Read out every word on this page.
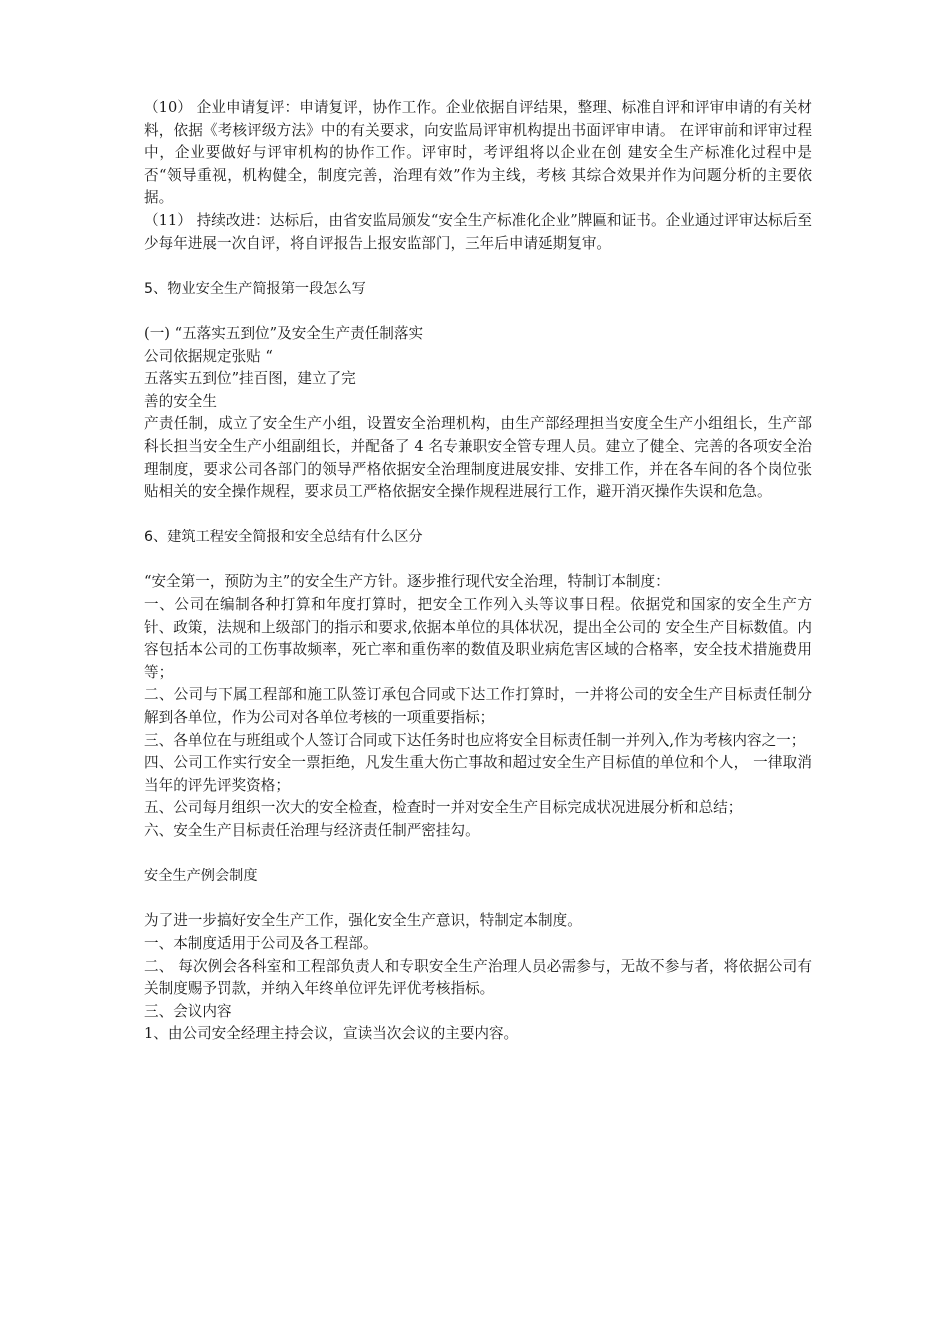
（10） 企业申请复评：申请复评，协作工作。企业依据自评结果，整理、标准自评和评审申请的有关材料，依据《考核评级方法》中的有关要求，向安监局评审机构提出书面评审申请。 在评审前和评审过程中，企业要做好与评审机构的协作工作。评审时，考评组将以企业在创 建安全生产标准化过程中是否“领导重视，机构健全，制度完善，治理有效”作为主线，考核 其综合效果并作为问题分析的主要依据。

（11） 持续改进：达标后，由省安监局颁发“安全生产标准化企业”牌匾和证书。企业通过评审达标后至少每年进展一次自评，将自评报告上报安监部门，三年后申请延期复审。

5、物业安全生产简报第一段怎么写

(一) “五落实五到位”及安全生产责任制落实

公司依据规定张贴 “

五落实五到位”挂百图，建立了完

善的安全生

产责任制，成立了安全生产小组，设置安全治理机构，由生产部经理担当安度全生产小组组长，生产部科长担当安全生产小组副组长，并配备了 4 名专兼职安全管专理人员。建立了健全、完善的各项安全治理制度，要求公司各部门的领导严格依据安全治理制度进展安排、安排工作，并在各车间的各个岗位张贴相关的安全操作规程，要求员工严格依据安全操作规程进展行工作，避开消灭操作失误和危急。

6、建筑工程安全简报和安全总结有什么区分

“安全第一，预防为主”的安全生产方针。逐步推行现代安全治理，特制订本制度：

一、公司在编制各种打算和年度打算时，把安全工作列入头等议事日程。依据党和国家的安全生产方针、政策，法规和上级部门的指示和要求,依据本单位的具体状况，提出全公司的 安全生产目标数值。内容包括本公司的工伤事故频率，死亡率和重伤率的数值及职业病危害区域的合格率，安全技术措施费用等；

二、公司与下属工程部和施工队签订承包合同或下达工作打算时，一并将公司的安全生产目标责任制分解到各单位，作为公司对各单位考核的一项重要指标；

三、各单位在与班组或个人签订合同或下达任务时也应将安全目标责任制一并列入,作为考核内容之一；

四、公司工作实行安全一票拒绝，凡发生重大伤亡事故和超过安全生产目标值的单位和个人， 一律取消当年的评先评奖资格；

五、公司每月组织一次大的安全检查，检查时一并对安全生产目标完成状况进展分析和总结；

六、安全生产目标责任治理与经济责任制严密挂勾。

安全生产例会制度

为了进一步搞好安全生产工作，强化安全生产意识，特制定本制度。

一、本制度适用于公司及各工程部。

二、 每次例会各科室和工程部负责人和专职安全生产治理人员必需参与，无故不参与者，将依据公司有关制度赐予罚款，并纳入年终单位评先评优考核指标。

三、会议内容

1、由公司安全经理主持会议，宣读当次会议的主要内容。
